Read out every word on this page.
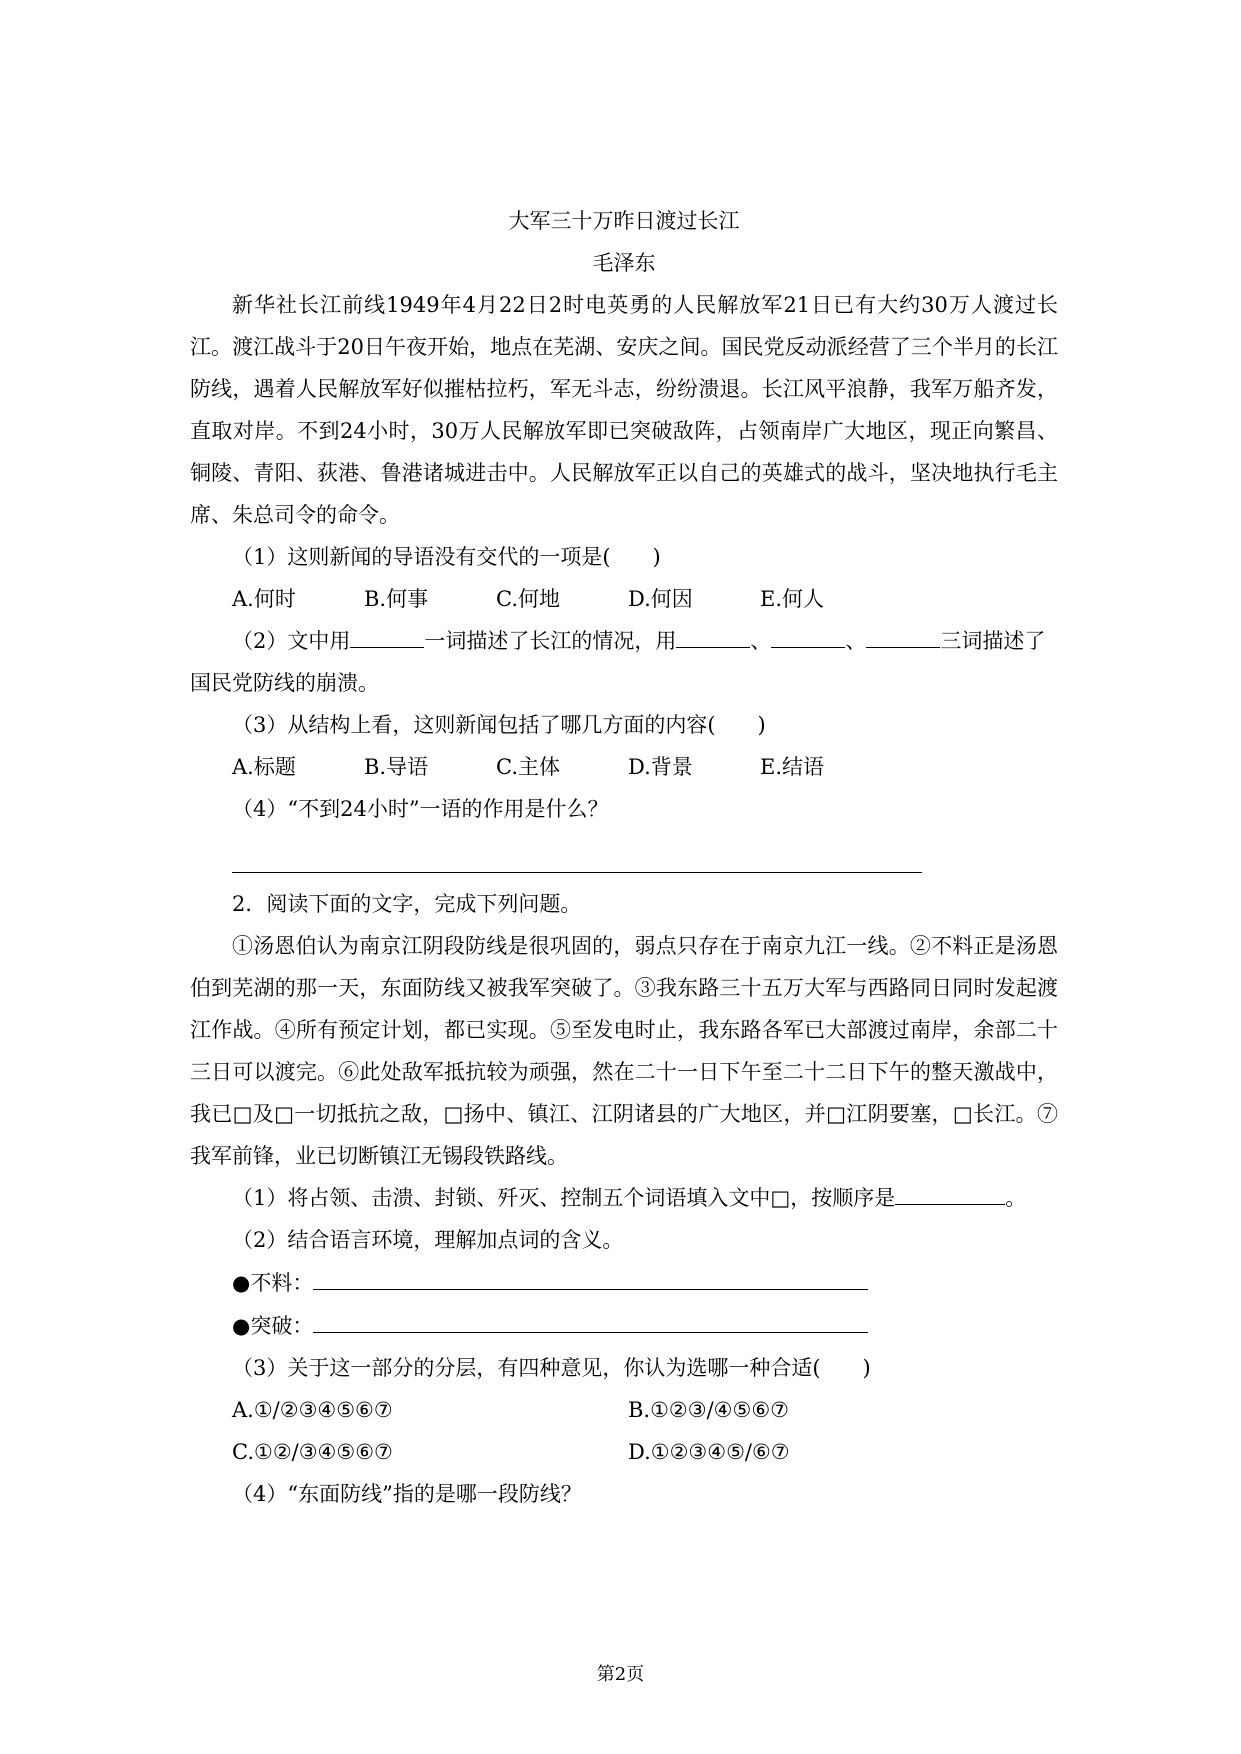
大军三十万昨日渡过长江

毛泽东

新华社长江前线1949年4月22日2时电英勇的人民解放军21日已有大约30万人渡过长江。渡江战斗于20日午夜开始，地点在芜湖、安庆之间。国民党反动派经营了三个半月的长江防线，遇着人民解放军好似摧枯拉朽，军无斗志，纷纷溃退。长江风平浪静，我军万船齐发，直取对岸。不到24小时，30万人民解放军即已突破敌阵，占领南岸广大地区，现正向繁昌、铜陵、青阳、荻港、鲁港诸城进击中。人民解放军正以自己的英雄式的战斗，坚决地执行毛主席、朱总司令的命令。

（1）这则新闻的导语没有交代的一项是(　　)

A.何时	B.何事	C.何地	D.何因	E.何人

（2）文中用	一词描述了长江的情况，用	、	、	三词描述了国民党防线的崩溃。

（3）从结构上看，这则新闻包括了哪几方面的内容(　　)

A.标题	B.导语	C.主体	D.背景	E.结语

（4）“不到24小时”一语的作用是什么？

2．阅读下面的文字，完成下列问题。

①汤恩伯认为南京江阴段防线是很巩固的，弱点只存在于南京九江一线。②不料正是汤恩伯到芜湖的那一天，东面防线又被我军突破了。③我东路三十五万大军与西路同日同时发起渡江作战。④所有预定计划，都已实现。⑤至发电时止，我东路各军已大部渡过南岸，余部二十三日可以渡完。⑥此处敌军抵抗较为顽强，然在二十一日下午至二十二日下午的整天激战中，我已□及□一切抵抗之敌，□扬中、镇江、江阴诸县的广大地区，并□江阴要塞，□长江。⑦我军前锋，业已切断镇江无锡段铁路线。

（1）将占领、击溃、封锁、歼灭、控制五个词语填入文中□，按顺序是	。

（2）结合语言环境，理解加点词的含义。

●不料：
●突破：

（3）关于这一部分的分层，有四种意见，你认为选哪一种合适(　　)

A.①/②③④⑤⑥⑦	B.①②③/④⑤⑥⑦
C.①②/③④⑤⑥⑦	D.①②③④⑤/⑥⑦

（4）“东面防线”指的是哪一段防线？

第2页
